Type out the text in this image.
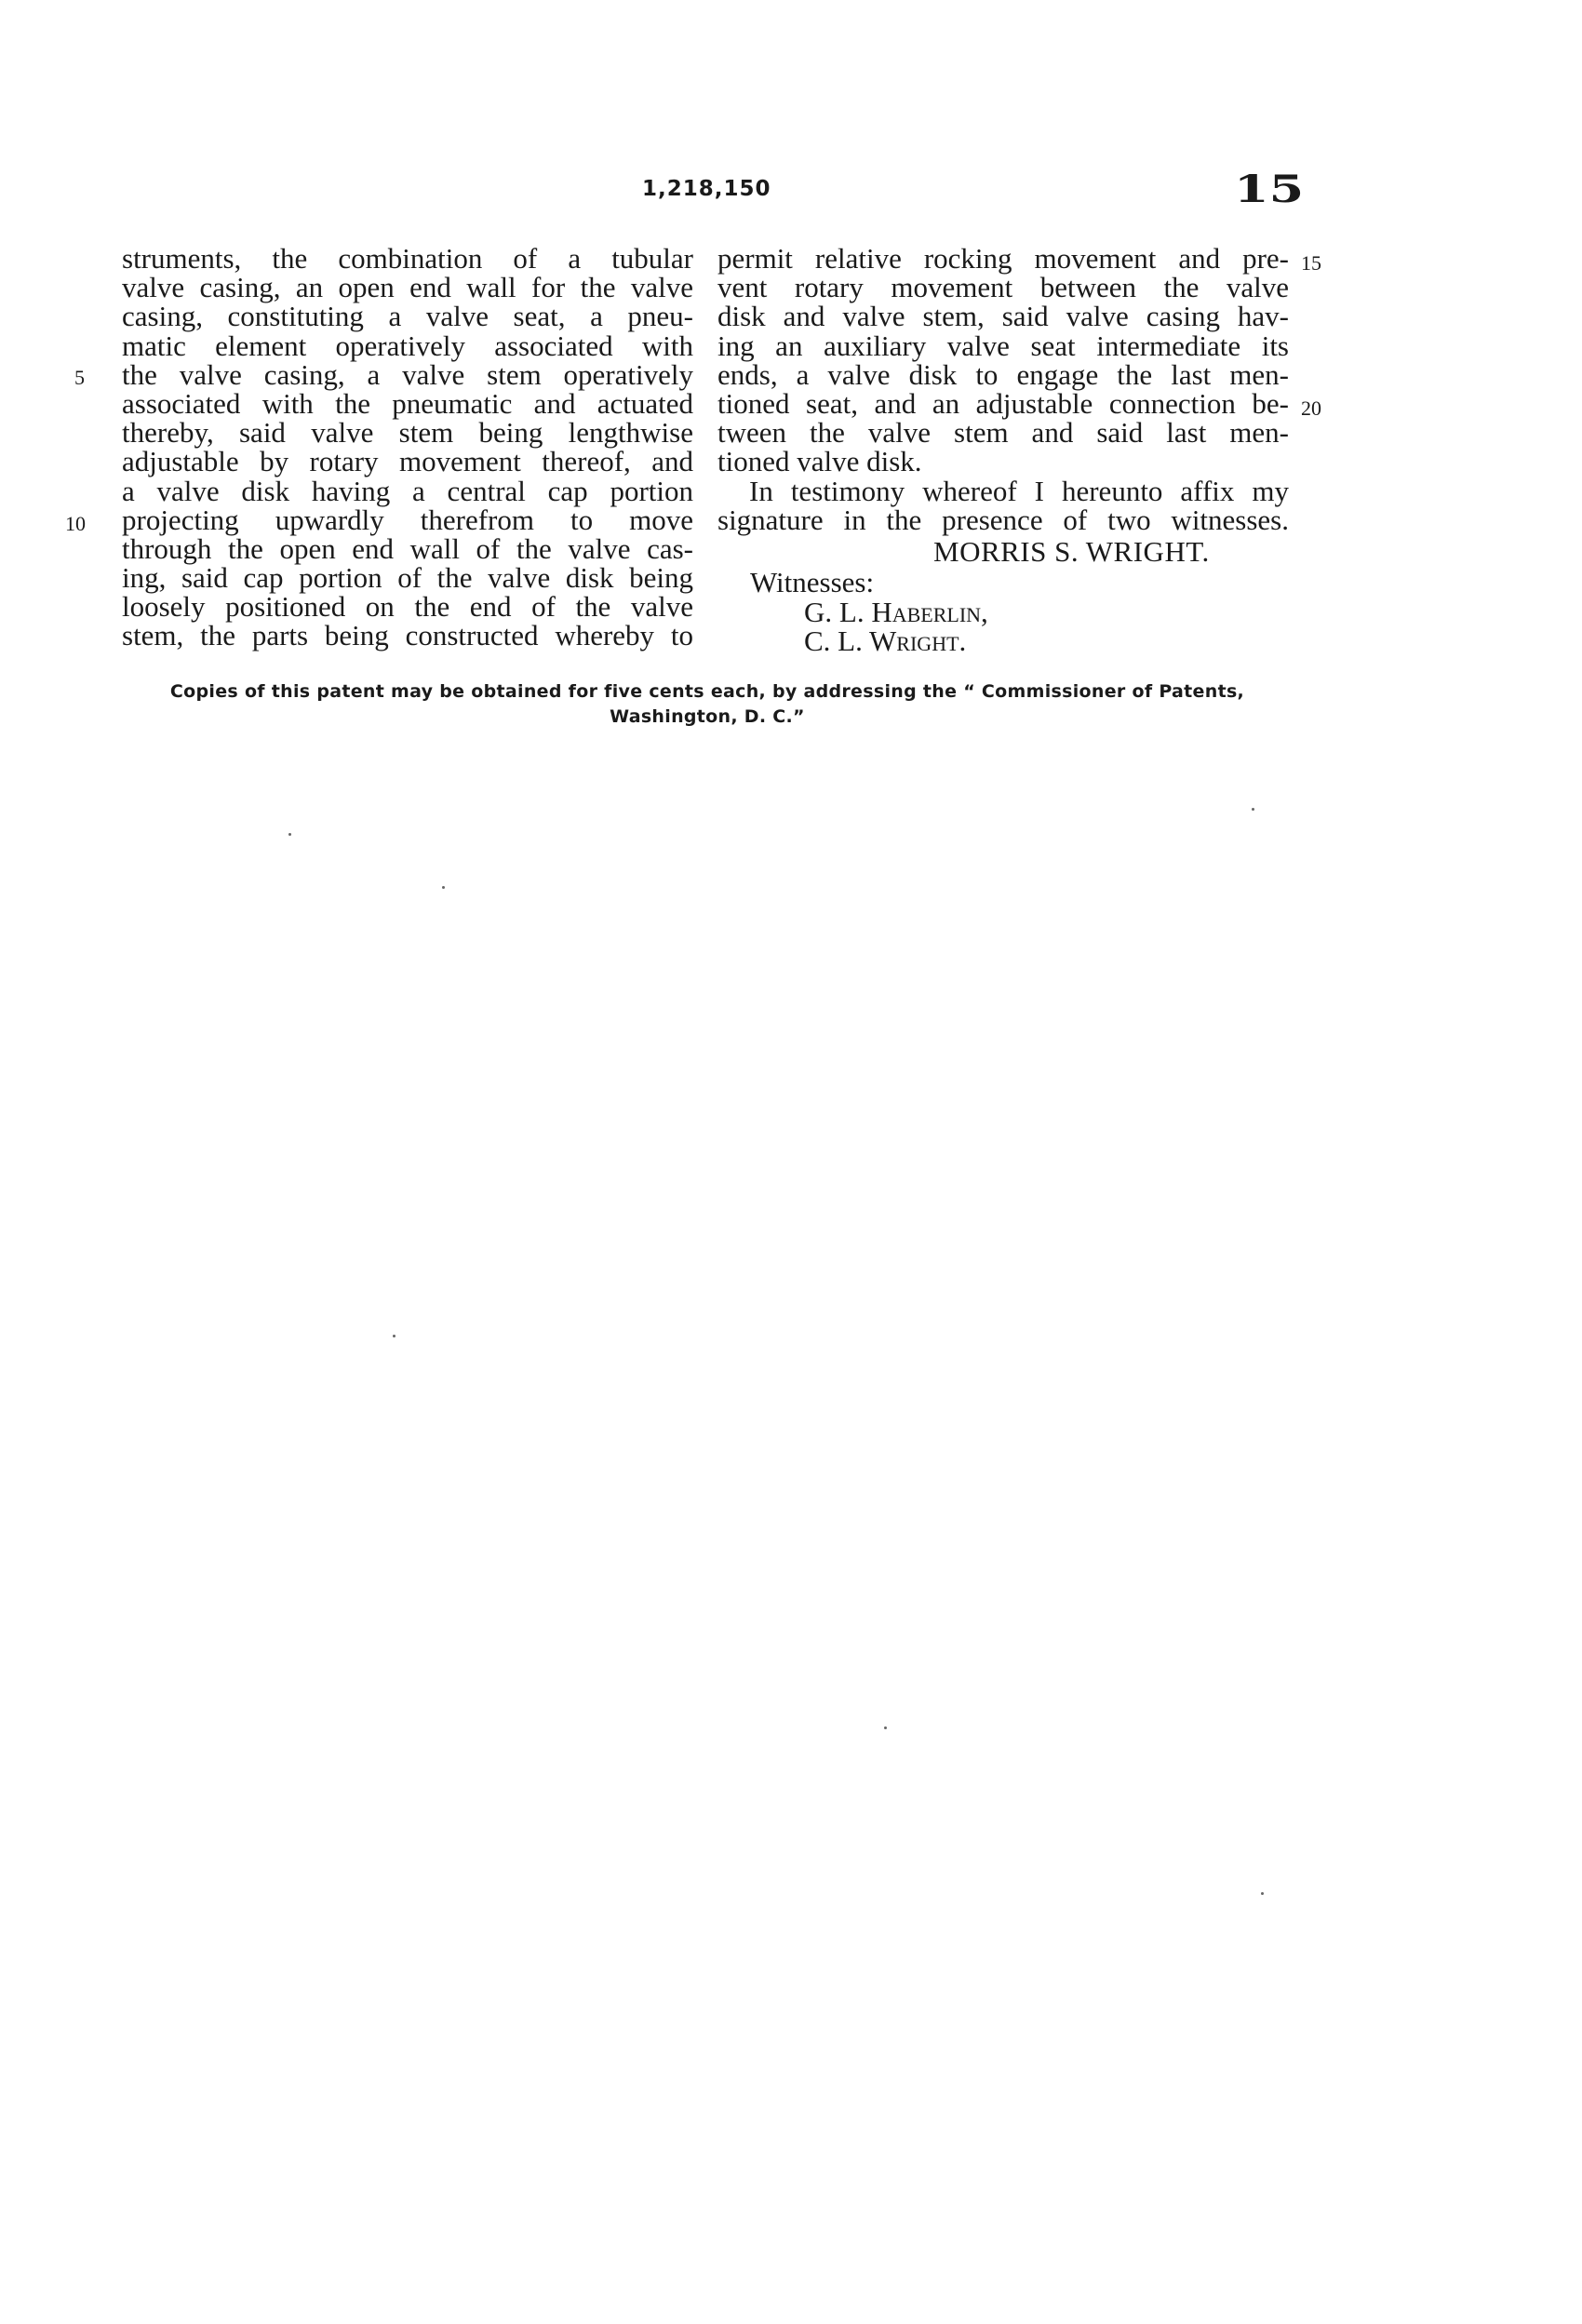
1,218,150	15
struments, the combination of a tubular
valve casing, an open end wall for the valve
casing, constituting a valve seat, a pneu-
matic element operatively associated with
the valve casing, a valve stem operatively
associated with the pneumatic and actuated
thereby, said valve stem being lengthwise
adjustable by rotary movement thereof, and
a valve disk having a central cap portion
projecting upwardly therefrom to move
through the open end wall of the valve cas-
ing, said cap portion of the valve disk being
loosely positioned on the end of the valve
stem, the parts being constructed whereby to
5
10
permit relative rocking movement and pre-
vent rotary movement between the valve
disk and valve stem, said valve casing hav-
ing an auxiliary valve seat intermediate its
ends, a valve disk to engage the last men-
tioned seat, and an adjustable connection be-
tween the valve stem and said last men-
tioned valve disk.
In testimony whereof I hereunto affix my
signature in the presence of two witnesses.
15
20
MORRIS S. WRIGHT.
Witnesses:
G. L. Haberlin,
C. L. Wright.
Copies of this patent may be obtained for five cents each, by addressing the “ Commissioner of Patents,
Washington, D. C.”
